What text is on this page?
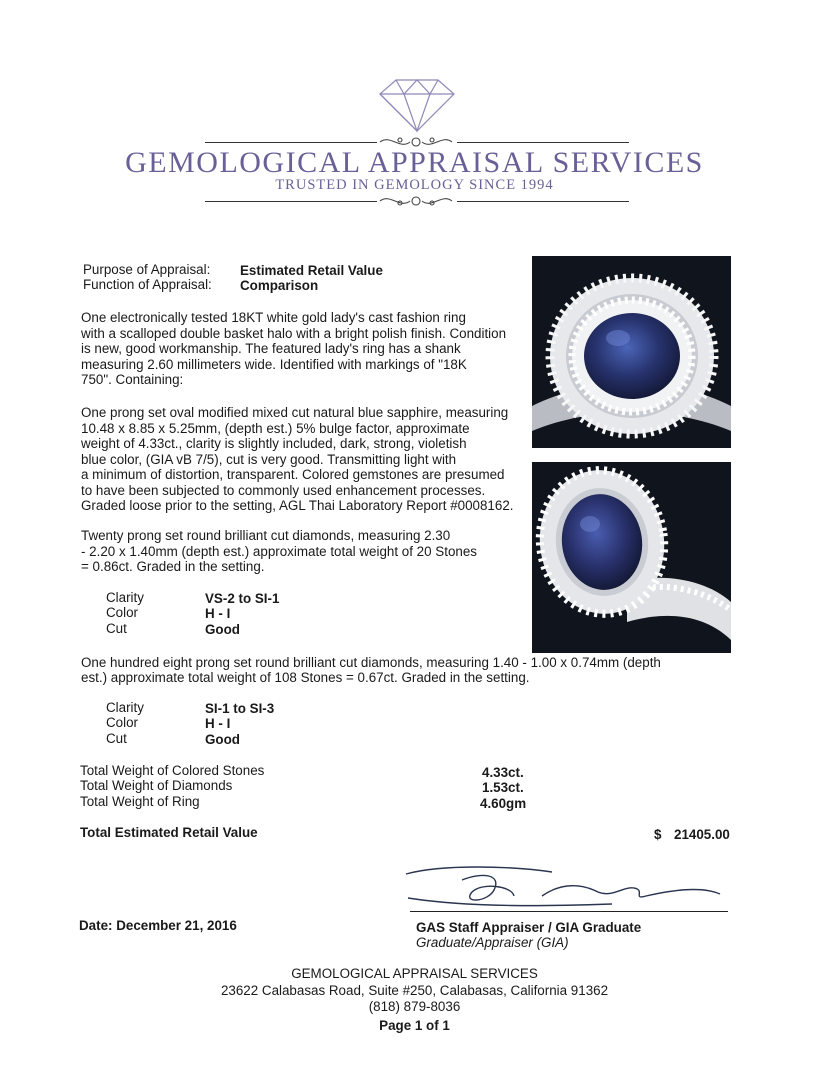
GEMOLOGICAL APPRAISAL SERVICES
TRUSTED IN GEMOLOGY SINCE 1994
Purpose of Appraisal: Estimated Retail Value
Function of Appraisal: Comparison
One electronically tested 18KT white gold lady's cast fashion ring
with a scalloped double basket halo with a bright polish finish. Condition
is new, good workmanship. The featured lady's ring has a shank
measuring 2.60 millimeters wide. Identified with markings of "18K
750". Containing:
One prong set oval modified mixed cut natural blue sapphire, measuring
10.48 x 8.85 x 5.25mm, (depth est.) 5% bulge factor, approximate
weight of 4.33ct., clarity is slightly included, dark, strong, violetish
blue color, (GIA vB 7/5), cut is very good. Transmitting light with
a minimum of distortion, transparent. Colored gemstones are presumed
to have been subjected to commonly used enhancement processes.
Graded loose prior to the setting, AGL Thai Laboratory Report #0008162.
Twenty prong set round brilliant cut diamonds, measuring 2.30
- 2.20 x 1.40mm (depth est.) approximate total weight of 20 Stones
= 0.86ct. Graded in the setting.
Clarity	VS-2 to SI-1
Color	H - I
Cut	Good
One hundred eight prong set round brilliant cut diamonds, measuring 1.40 - 1.00 x 0.74mm (depth
est.) approximate total weight of 108 Stones = 0.67ct. Graded in the setting.
Clarity	SI-1 to SI-3
Color	H - I
Cut	Good
Total Weight of Colored Stones	4.33ct.
Total Weight of Diamonds	1.53ct.
Total Weight of Ring	4.60gm
Total Estimated Retail Value	$ 21405.00
Date: December 21, 2016	GAS Staff Appraiser / GIA Graduate
Graduate/Appraiser (GIA)
GEMOLOGICAL APPRAISAL SERVICES
23622 Calabasas Road, Suite #250, Calabasas, California 91362
(818) 879-8036
Page 1 of 1
